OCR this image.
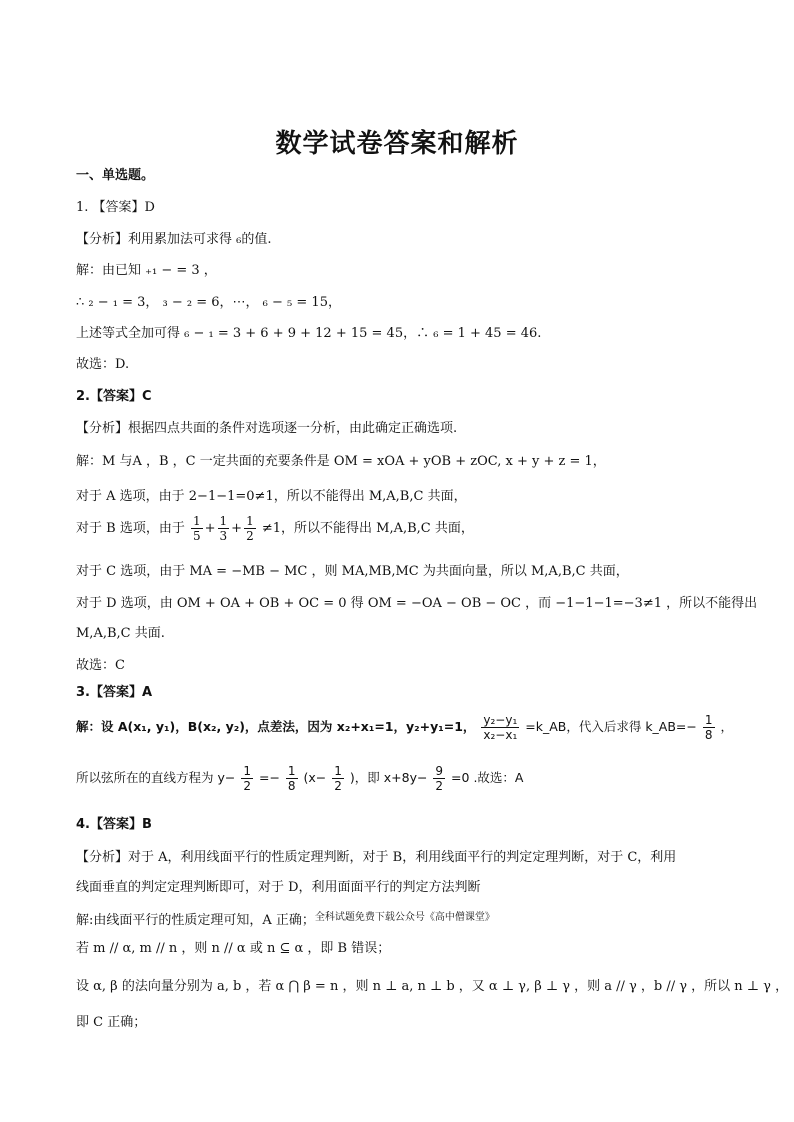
数学试卷答案和解析
一、单选题。
1. 【答案】D
【分析】利用累加法可求得 ₆的值.
解：由已知 ₊₁ − = 3 ，
∴ ₂ − ₁ = 3， ₃ − ₂ = 6，⋯， ₆ − ₅ = 15，
上述等式全加可得 ₆ − ₁ = 3 + 6 + 9 + 12 + 15 = 45，∴ ₆ = 1 + 45 = 46.
故选：D.
2.【答案】C
【分析】根据四点共面的条件对选项逐一分析，由此确定正确选项.
解：M 与A ，B ，C 一定共面的充要条件是 OM = xOA + yOB + zOC, x + y + z = 1，
对于 A 选项，由于 2−1−1=0≠1，所以不能得出 M,A,B,C 共面，
对于 B 选项，由于 $\frac{1}{5} + \frac{1}{3} + \frac{1}{2} \ne 1$，所以不能得出 M,A,B,C 共面，
对于 C 选项，由于 MA = −MB − MC ，则 MA,MB,MC 为共面向量，所以 M,A,B,C 共面，
对于 D 选项，由 OM + OA + OB + OC = 0 得 OM = −OA − OB − OC ，而 −1−1−1=−3≠1 ，所以不能得出
M,A,B,C 共面.
故选：C
3.【答案】A
解：设 A(x₁, y₁)，B(x₂, y₂)，点差法，因为 x₂+x₁=1，y₂+y₁=1， $\frac{\text{y₂−y₁}}{\text{x₂−x₁}}$ =k_AB，代入后求得 k_AB=− $\frac{1}{8}$ ，
所以弦所在的直线方程为 $y- \frac{1}{2} =- \frac{1}{8} (x- \frac{1}{2}$ )，即 $x+8y- \frac{9}{2} =0$ .故选：A
4.【答案】B
【分析】对于 A，利用线面平行的性质定理判断，对于 B，利用线面平行的判定定理判断，对于 C，利用
线面垂直的判定定理判断即可，对于 D，利用面面平行的判定方法判断
解:由线面平行的性质定理可知，A 正确；$^{全科试题免费下载公众号《高中僧课堂》}$
若 m // α, m // n ，则 n // α 或 n ⊆ α ，即 B 错误；
设 α, β 的法向量分别为 a, b ，若 α ⋂ β = n ，则 n ⊥ a, n ⊥ b ，又 α ⊥ γ, β ⊥ γ ，则 a // γ ，b // γ ，所以 n ⊥ γ ，
即 C 正确；
